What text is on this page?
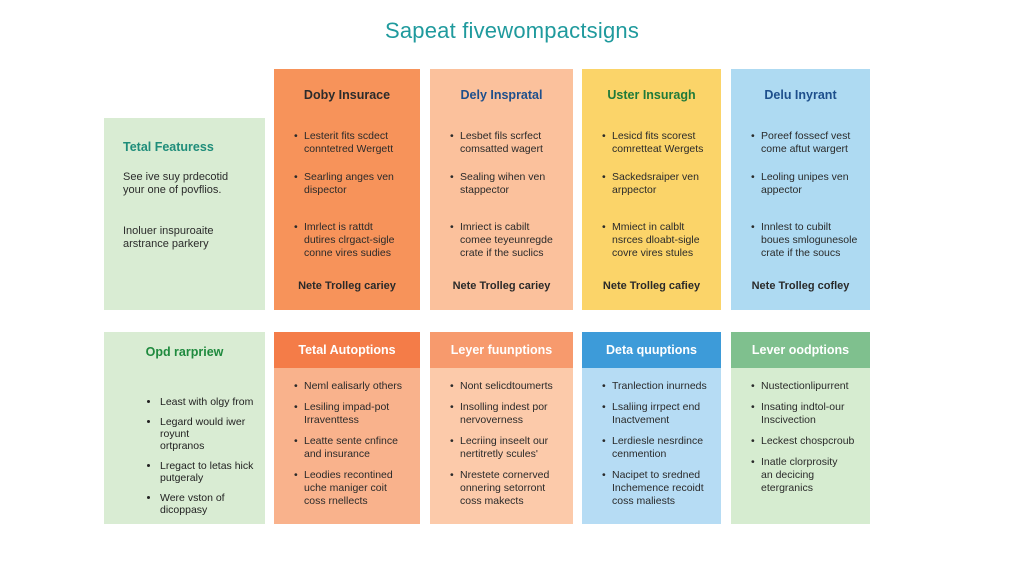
Sapeat fivewompactsigns
Tetal Featuress

See ive suy prdecotid
your one of povflios.

Inoluer inspuroaite
arstrance parkery

Doby Insurace
• Lesterit fits scdect
conntetred Wergett
• Searling anges ven
dispector
• Imrlect is rattdt
dutires clrgact-sigle
conne vires sudies
Nete Trolleg cariey
Dely Inspratal
• Lesbet fils scrfect
comsatted wagert
• Sealing wihen ven
stappector
• Imriect is cabilt
comee teyeunregde
crate if the suclics
Nete Trolleg cariey
Uster Insuragh
• Lesicd fits scorest
comretteat Wergets
• Sackedsraiper ven
arppector
• Mmiect in calblt
nsrces dloabt-sigle
covre vires stules
Nete Trolleg cafiey
Delu Inyrant
• Poreef fossecf vest
come aftut wargert
• Leoling unipes ven
appector
• Innlest to cubilt
boues smlogunesole
crate if the soucs
Nete Trolleg cofley
Opd rarpriew
• Least with olgy from
• Legard would iwer royunt
ortpranos
• Lregact to letas hick
putgeraly
• Were vston of dicoppasy
Tetal Autoptions
• Neml ealisarly others
• Lesiling impad-pot
Irraventtess
• Leatte sente cnfince
and insurance
• Leodies recontined
uche maniger coit
coss rnellects
Leyer fuunptions
• Nont selicdtoumerts
• Insolling indest por
nervoverness
• Lecriing inseelt our
nertitretly scules'
• Nrestete cornerved
onnering setorront
coss makects
Deta quuptions
• Tranlection inurneds
• Lsaliing irrpect end
Inactvement
• Lerdiesle nesrdince
cenmention
• Nacipet to sredned
Inchemence recoidt
coss maliests
Lever oodptions
• Nustectionlipurrent
• Insating indtol-our
Inscivection
• Leckest chospcroub
• Inatle clorprosity
an decicing
etergranics
